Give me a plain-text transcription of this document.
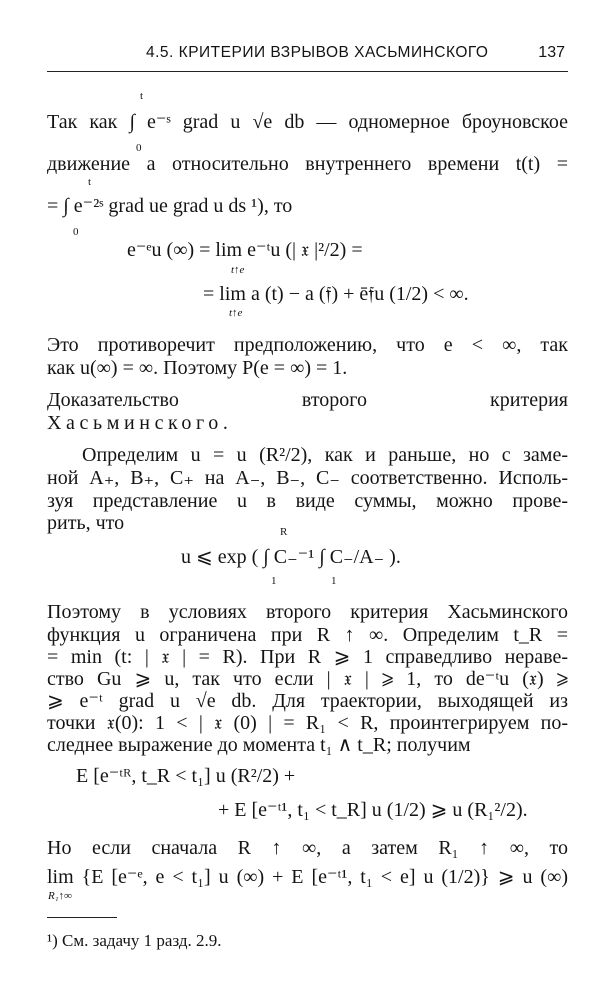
4.5. КРИТЕРИИ ВЗРЫВОВ ХАСЬМИНСКОГО	137
t
Так как ∫ e⁻ˢ grad u √e db — одномерное броуновское
0
t
движение a относительно внутреннего времени t(t) =
= ∫ e⁻²ˢ grad ue grad u ds ¹), то
0
e⁻ᵉu (∞) = lim e⁻ᵗu (| 𝔵 |²/2) =
t↑e
= lim a (t) − a (𝔣) + ē𝔣u (1/2) < ∞.
t↑e
Это противоречит предположению, что e < ∞, так
как u(∞) = ∞. Поэтому P(e = ∞) = 1.
Доказательство второго критерия
Хасьминского.
Определим u = u (R²/2), как и раньше, но с заме-
ной A₊, B₊, C₊ на A₋, B₋, C₋ соответственно. Исполь-
зуя представление u в виде суммы, можно прове-
рить, что	R
u ⩽ exp ( ∫ C₋⁻¹ ∫ C₋/A₋ ).
1	1
Поэтому в условиях второго критерия Хасьминского
функция u ограничена при R ↑ ∞. Определим t_R =
= min (t: | 𝔵 | = R). При R ⩾ 1 справедливо нераве-
ство Gu ⩾ u, так что если | 𝔵 | ⩾ 1, то de⁻ᵗu (𝔵) ⩾
⩾ e⁻ᵗ grad u √e db. Для траектории, выходящей из
точки 𝔵(0): 1 < | 𝔵 (0) | = R₁ < R, проинтегрируем по-
следнее выражение до момента t₁ ∧ t_R; получим
E [e⁻ᵗᴿ, t_R < t₁] u (R²/2) +
+ E [e⁻ᵗ¹, t₁ < t_R] u (1/2) ⩾ u (R₁²/2).
Но если сначала R ↑ ∞, а затем R₁ ↑ ∞, то
lim {E [e⁻ᵉ, e < t₁] u (∞) + E [e⁻ᵗ¹, t₁ < e] u (1/2)} ⩾ u (∞)
R₁↑∞
¹) См. задачу 1 разд. 2.9.
